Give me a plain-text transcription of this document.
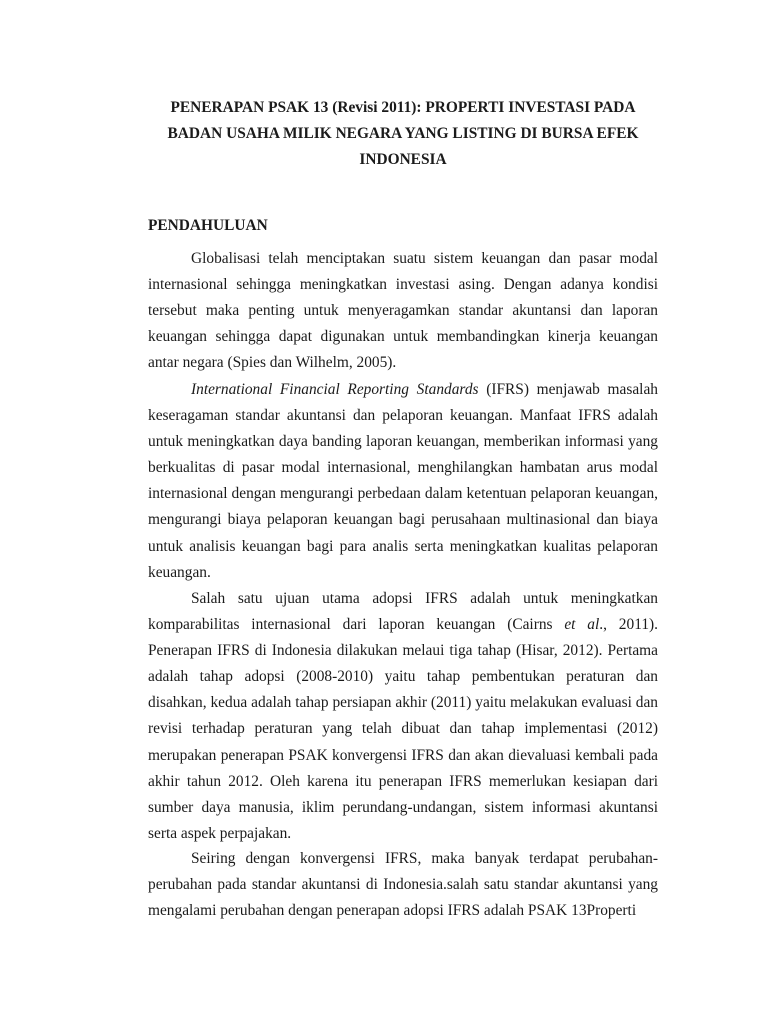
PENERAPAN PSAK 13 (Revisi 2011): PROPERTI INVESTASI PADA
BADAN USAHA MILIK NEGARA YANG LISTING DI BURSA EFEK
INDONESIA
PENDAHULUAN

Globalisasi telah menciptakan suatu sistem keuangan dan pasar modal internasional sehingga meningkatkan investasi asing. Dengan adanya kondisi tersebut maka penting untuk menyeragamkan standar akuntansi dan laporan keuangan sehingga dapat digunakan untuk membandingkan kinerja keuangan antar negara (Spies dan Wilhelm, 2005).

International Financial Reporting Standards (IFRS) menjawab masalah keseragaman standar akuntansi dan pelaporan keuangan. Manfaat IFRS adalah untuk meningkatkan daya banding laporan keuangan, memberikan informasi yang berkualitas di pasar modal internasional, menghilangkan hambatan arus modal internasional dengan mengurangi perbedaan dalam ketentuan pelaporan keuangan, mengurangi biaya pelaporan keuangan bagi perusahaan multinasional dan biaya untuk analisis keuangan bagi para analis serta meningkatkan kualitas pelaporan keuangan.

Salah satu ujuan utama adopsi IFRS adalah untuk meningkatkan komparabilitas internasional dari laporan keuangan (Cairns et al., 2011). Penerapan IFRS di Indonesia dilakukan melaui tiga tahap (Hisar, 2012). Pertama adalah tahap adopsi (2008-2010) yaitu tahap pembentukan peraturan dan disahkan, kedua adalah tahap persiapan akhir (2011) yaitu melakukan evaluasi dan revisi terhadap peraturan yang telah dibuat dan tahap implementasi (2012) merupakan penerapan PSAK konvergensi IFRS dan akan dievaluasi kembali pada akhir tahun 2012. Oleh karena itu penerapan IFRS memerlukan kesiapan dari sumber daya manusia, iklim perundang-undangan, sistem informasi akuntansi serta aspek perpajakan.

Seiring dengan konvergensi IFRS, maka banyak terdapat perubahan-perubahan pada standar akuntansi di Indonesia.salah satu standar akuntansi yang mengalami perubahan dengan penerapan adopsi IFRS adalah PSAK 13Properti
